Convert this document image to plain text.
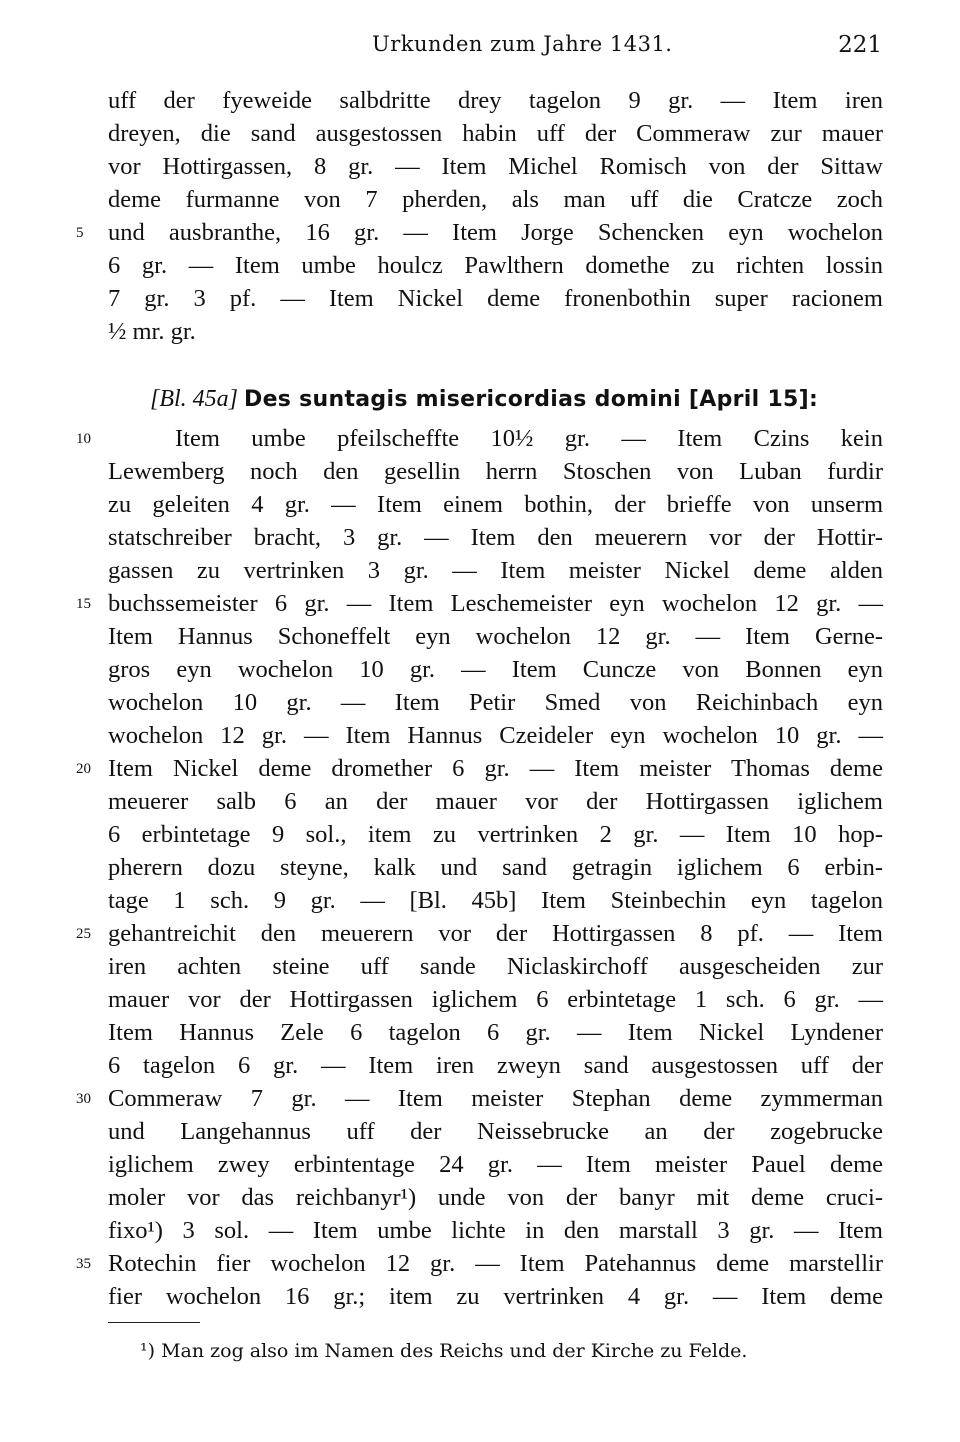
Urkunden zum Jahre 1431.	221
uff der fyeweide salbdritte drey tagelon 9 gr. — Item iren
dreyen, die sand ausgestossen habin uff der Commeraw zur mauer
vor Hottirgassen, 8 gr. — Item Michel Romisch von der Sittaw
deme furmanne von 7 pherden, als man uff die Cratcze zoch
und ausbranthe, 16 gr. — Item Jorge Schencken eyn wochelon
6 gr. — Item umbe houlcz Pawlthern domethe zu richten lossin
7 gr. 3 pf. — Item Nickel deme fronenbothin super racionem
½ mr. gr.
[Bl. 45a] Des suntagis misericordias domini [April 15]:
Item umbe pfeilscheffte 10½ gr. — Item Czins kein
Lewemberg noch den gesellin herrn Stoschen von Luban furdir
zu geleiten 4 gr. — Item einem bothin, der brieffe von unserm
statschreiber bracht, 3 gr. — Item den meuerern vor der Hottir-
gassen zu vertrinken 3 gr. — Item meister Nickel deme alden
buchssemeister 6 gr. — Item Leschemeister eyn wochelon 12 gr. —
Item Hannus Schoneffelt eyn wochelon 12 gr. — Item Gerne-
gros eyn wochelon 10 gr. — Item Cuncze von Bonnen eyn
wochelon 10 gr. — Item Petir Smed von Reichinbach eyn
wochelon 12 gr. — Item Hannus Czeideler eyn wochelon 10 gr. —
Item Nickel deme dromether 6 gr. — Item meister Thomas deme
meuerer salb 6 an der mauer vor der Hottirgassen iglichem
6 erbintetage 9 sol., item zu vertrinken 2 gr. — Item 10 hop-
pherern dozu steyne, kalk und sand getragin iglichem 6 erbin-
tage 1 sch. 9 gr. — [Bl. 45b] Item Steinbechin eyn tagelon
gehantreichit den meuerern vor der Hottirgassen 8 pf. — Item
iren achten steine uff sande Niclaskirchoff ausgescheiden zur
mauer vor der Hottirgassen iglichem 6 erbintetage 1 sch. 6 gr. —
Item Hannus Zele 6 tagelon 6 gr. — Item Nickel Lyndener
6 tagelon 6 gr. — Item iren zweyn sand ausgestossen uff der
Commeraw 7 gr. — Item meister Stephan deme zymmerman
und Langehannus uff der Neissebrucke an der zogebrucke
iglichem zwey erbintentage 24 gr. — Item meister Pauel deme
moler vor das reichbanyr¹) unde von der banyr mit deme cruci-
fixo¹) 3 sol. — Item umbe lichte in den marstall 3 gr. — Item
Rotechin fier wochelon 12 gr. — Item Patehannus deme marstellir
fier wochelon 16 gr.; item zu vertrinken 4 gr. — Item deme
5
10
15
20
25
30
35
¹) Man zog also im Namen des Reichs und der Kirche zu Felde.
